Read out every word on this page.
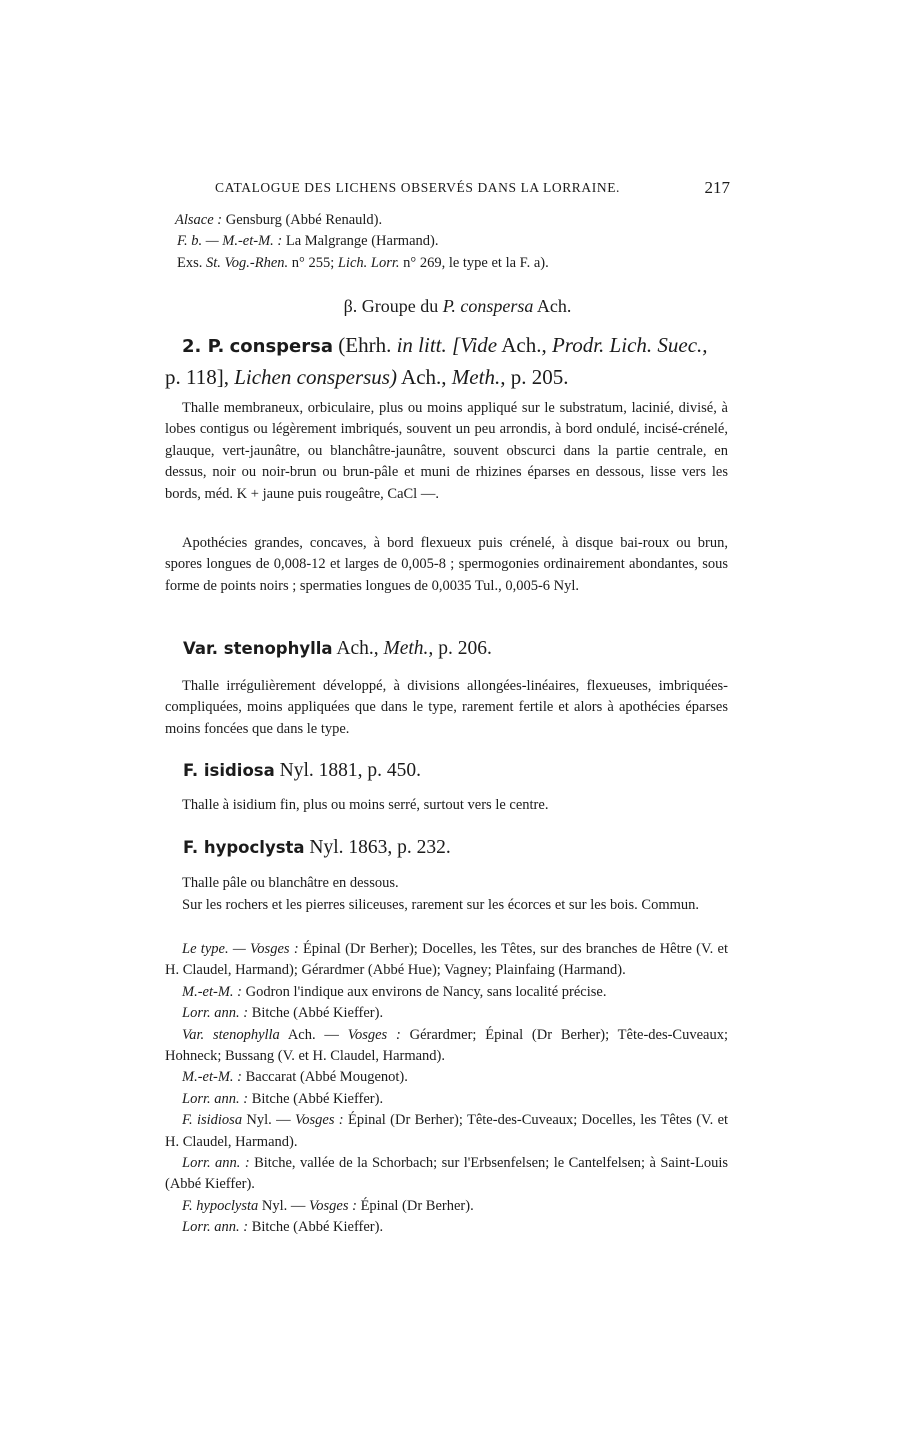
CATALOGUE DES LICHENS OBSERVÉS DANS LA LORRAINE.	217
Alsace : Gensburg (Abbé Renauld).
F. b. — M.-et-M. : La Malgrange (Harmand).
Exs. St. Vog.-Rhen. n° 255; Lich. Lorr. n° 269, le type et la F. a).
β. Groupe du P. conspersa Ach.
2. P. conspersa (Ehrh. in litt. [Vide Ach., Prodr. Lich. Suec., p. 118], Lichen conspersus) Ach., Meth., p. 205.
Thalle membraneux, orbiculaire, plus ou moins appliqué sur le substratum, lacinié, divisé, à lobes contigus ou légèrement imbriqués, souvent un peu arrondis, à bord ondulé, incisé-crénelé, glauque, vert-jaunâtre, ou blanchâtre-jaunâtre, souvent obscurci dans la partie centrale, en dessus, noir ou noir-brun ou brun-pâle et muni de rhizines éparses en dessous, lisse vers les bords, méd. K + jaune puis rougeâtre, CaCl —.
Apothécies grandes, concaves, à bord flexueux puis crénelé, à disque bai-roux ou brun, spores longues de 0,008-12 et larges de 0,005-8 ; spermogonies ordinairement abondantes, sous forme de points noirs ; spermaties longues de 0,0035 Tul., 0,005-6 Nyl.
Var. stenophylla Ach., Meth., p. 206.
Thalle irrégulièrement développé, à divisions allongées-linéaires, flexueuses, imbriquées-compliquées, moins appliquées que dans le type, rarement fertile et alors à apothécies éparses moins foncées que dans le type.
F. isidiosa Nyl. 1881, p. 450.
Thalle à isidium fin, plus ou moins serré, surtout vers le centre.
F. hypoclysta Nyl. 1863, p. 232.
Thalle pâle ou blanchâtre en dessous.
Sur les rochers et les pierres siliceuses, rarement sur les écorces et sur les bois. Commun.

Le type. — Vosges : Épinal (Dr Berher); Docelles, les Têtes, sur des branches de Hêtre (V. et H. Claudel, Harmand); Gérardmer (Abbé Hue); Vagney; Plainfaing (Harmand).

M.-et-M. : Godron l'indique aux environs de Nancy, sans localité précise.

Lorr. ann. : Bitche (Abbé Kieffer).

Var. stenophylla Ach. — Vosges : Gérardmer; Épinal (Dr Berher); Tête-des-Cuveaux; Hohneck; Bussang (V. et H. Claudel, Harmand).

M.-et-M. : Baccarat (Abbé Mougenot).

Lorr. ann. : Bitche (Abbé Kieffer).

F. isidiosa Nyl. — Vosges : Épinal (Dr Berher); Tête-des-Cuveaux; Docelles, les Têtes (V. et H. Claudel, Harmand).

Lorr. ann. : Bitche, vallée de la Schorbach; sur l'Erbsenfelsen; le Cantelfelsen; à Saint-Louis (Abbé Kieffer).

F. hypoclysta Nyl. — Vosges : Épinal (Dr Berher).

Lorr. ann. : Bitche (Abbé Kieffer).
